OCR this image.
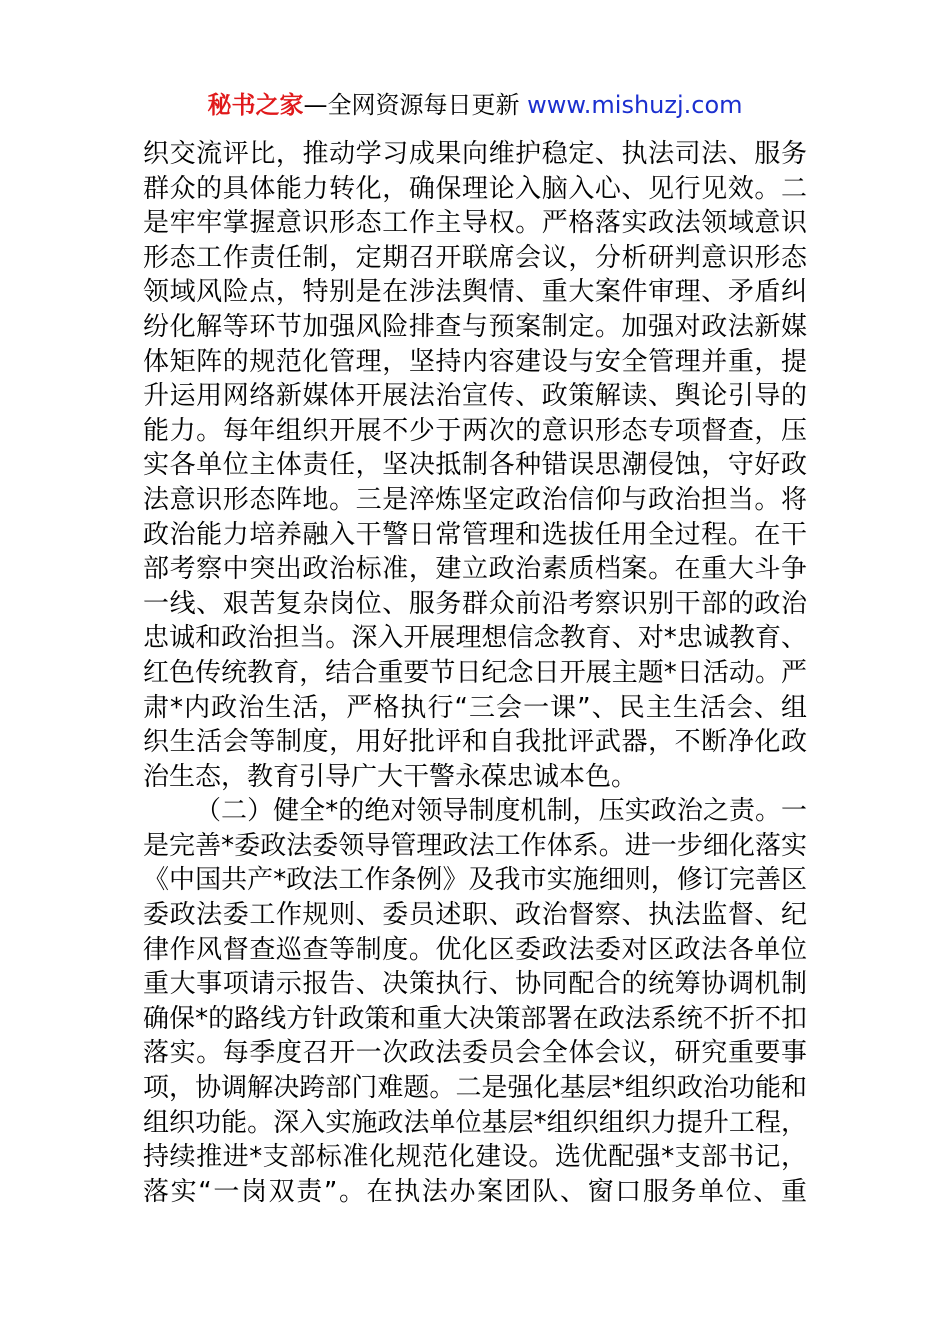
秘书之家—全网资源每日更新 www.mishuzj.com
织交流评比，推动学习成果向维护稳定、执法司法、服务
群众的具体能力转化，确保理论入脑入心、见行见效。二
是牢牢掌握意识形态工作主导权。严格落实政法领域意识
形态工作责任制，定期召开联席会议，分析研判意识形态
领域风险点，特别是在涉法舆情、重大案件审理、矛盾纠
纷化解等环节加强风险排查与预案制定。加强对政法新媒
体矩阵的规范化管理，坚持内容建设与安全管理并重，提
升运用网络新媒体开展法治宣传、政策解读、舆论引导的
能力。每年组织开展不少于两次的意识形态专项督查，压
实各单位主体责任，坚决抵制各种错误思潮侵蚀，守好政
法意识形态阵地。三是淬炼坚定政治信仰与政治担当。将
政治能力培养融入干警日常管理和选拔任用全过程。在干
部考察中突出政治标准，建立政治素质档案。在重大斗争
一线、艰苦复杂岗位、服务群众前沿考察识别干部的政治
忠诚和政治担当。深入开展理想信念教育、对*忠诚教育、
红色传统教育，结合重要节日纪念日开展主题*日活动。严
肃*内政治生活，严格执行“三会一课”、民主生活会、组
织生活会等制度，用好批评和自我批评武器，不断净化政
治生态，教育引导广大干警永葆忠诚本色。
（二）健全*的绝对领导制度机制，压实政治之责。一
是完善*委政法委领导管理政法工作体系。进一步细化落实
《中国共产*政法工作条例》及我市实施细则，修订完善区
委政法委工作规则、委员述职、政治督察、执法监督、纪
律作风督查巡查等制度。优化区委政法委对区政法各单位
重大事项请示报告、决策执行、协同配合的统筹协调机制
确保*的路线方针政策和重大决策部署在政法系统不折不扣
落实。每季度召开一次政法委员会全体会议，研究重要事
项，协调解决跨部门难题。二是强化基层*组织政治功能和
组织功能。深入实施政法单位基层*组织组织力提升工程，
持续推进*支部标准化规范化建设。选优配强*支部书记，
落实“一岗双责”。在执法办案团队、窗口服务单位、重
